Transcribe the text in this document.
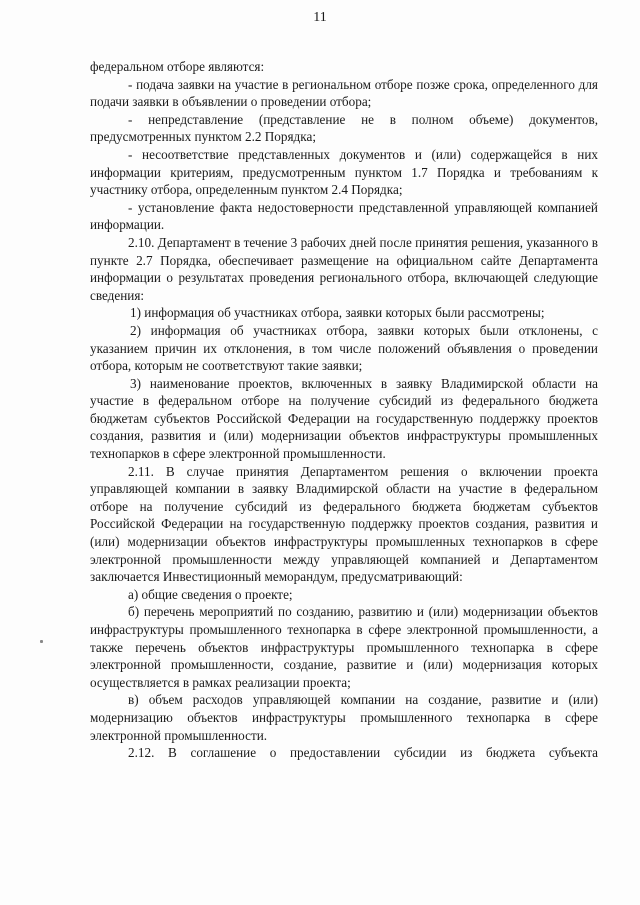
11

федеральном отборе являются:

- подача заявки на участие в региональном отборе позже срока, определенного для подачи заявки в объявлении о проведении отбора;

- непредставление (представление не в полном объеме) документов, предусмотренных пунктом 2.2 Порядка;

- несоответствие представленных документов и (или) содержащейся в них информации критериям, предусмотренным пунктом 1.7 Порядка и требованиям к участнику отбора, определенным пунктом 2.4 Порядка;

- установление факта недостоверности представленной управляющей компанией информации.

2.10. Департамент в течение 3 рабочих дней после принятия решения, указанного в пункте 2.7 Порядка, обеспечивает размещение на официальном сайте Департамента информации о результатах проведения регионального отбора, включающей следующие сведения:

1) информация об участниках отбора, заявки которых были рассмотрены;

2) информация об участниках отбора, заявки которых были отклонены, с указанием причин их отклонения, в том числе положений объявления о проведении отбора, которым не соответствуют такие заявки;

3) наименование проектов, включенных в заявку Владимирской области на участие в федеральном отборе на получение субсидий из федерального бюджета бюджетам субъектов Российской Федерации на государственную поддержку проектов создания, развития и (или) модернизации объектов инфраструктуры промышленных технопарков в сфере электронной промышленности.

2.11. В случае принятия Департаментом решения о включении проекта управляющей компании в заявку Владимирской области на участие в федеральном отборе на получение субсидий из федерального бюджета бюджетам субъектов Российской Федерации на государственную поддержку проектов создания, развития и (или) модернизации объектов инфраструктуры промышленных технопарков в сфере электронной промышленности между управляющей компанией и Департаментом заключается Инвестиционный меморандум, предусматривающий:

а) общие сведения о проекте;

б) перечень мероприятий по созданию, развитию и (или) модернизации объектов инфраструктуры промышленного технопарка в сфере электронной промышленности, а также перечень объектов инфраструктуры промышленного технопарка в сфере электронной промышленности, создание, развитие и (или) модернизация которых осуществляется в рамках реализации проекта;

в) объем расходов управляющей компании на создание, развитие и (или) модернизацию объектов инфраструктуры промышленного технопарка в сфере электронной промышленности.

2.12. В соглашение о предоставлении субсидии из бюджета субъекта
